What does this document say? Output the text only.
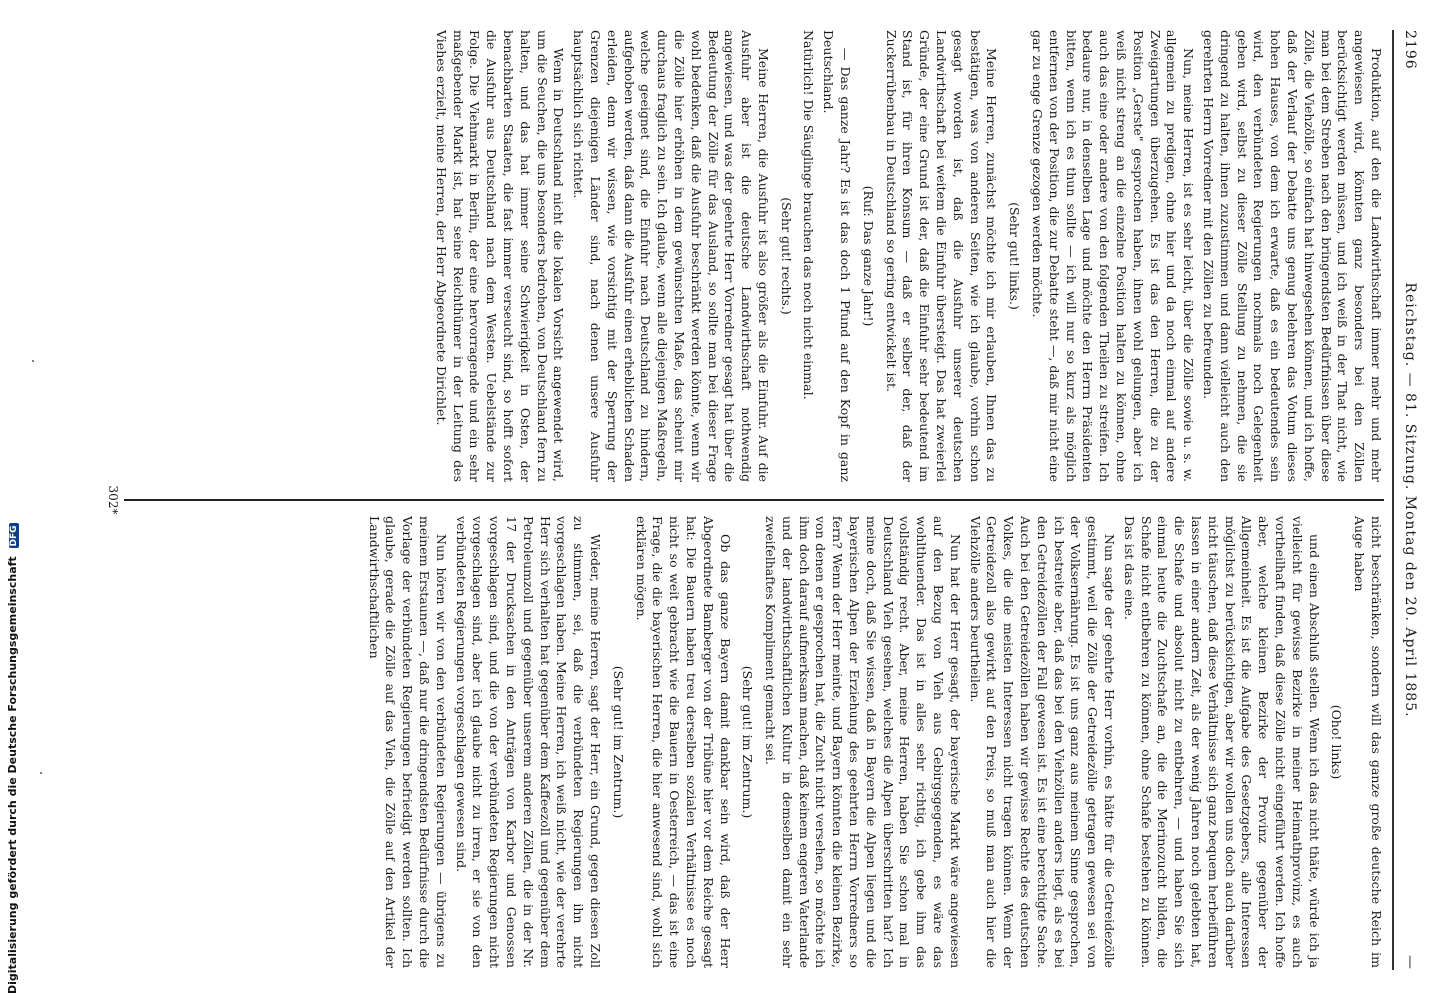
2196
Reichstag. — 81. Sitzung. Montag den 20. April 1885.
—

Produktion, auf den die Landwirthschaft immer mehr und mehr angewiesen wird, könnten ganz besonders bei den Zöllen berücksichtigt werden müssen, und ich weiß in der That nicht, wie man bei dem Streben nach den bringendsten Bedürfnissen über diese Zölle, die Viehzölle, so einfach hat hinwegsehen können, und ich hoffe, daß der Verlauf der Debatte uns genug belehren das Votum dieses hohen Hauses, von dem ich erwarte, daß es ein bedeutendes sein wird, den verbündeten Regierungen nochmals noch Gelegenheit geben wird, selbst zu dieser Zölle Stellung zu nehmen, die sie dringend zu halten, ihnen zuzustimmen und dann vielleicht auch den gerehrten Herrn Vorredner mit den Zöllen zu befreunden.

Nun, meine Herren, ist es sehr leicht, über die Zölle sowie u. s. w. allgemein zu predigen, ohne hier und da noch einmal auf andere Zweigartungen überzugehen. Es ist das den Herren, die zu der Position „Gerste" gesprochen haben, ihnen wohl gelungen, aber ich weiß nicht streng an die einzelne Position halten zu können, ohne auch das eine oder andere von den folgenden Theilen zu streifen. Ich bedaure nur, in denselben Lage und möchte den Herrn Präsidenten bitten, wenn ich es thun sollte — ich will nur so kurz als möglich entfernen von der Position, die zur Debatte steht —, daß mir nicht eine gar zu enge Grenze gezogen werden möchte.

(Sehr gut! links.)

Meine Herren, zunächst möchte ich mir erlauben, Ihnen das zu bestätigen, was von anderen Seiten, wie ich glaube, vorhin schon gesagt worden ist, daß die Ausfuhr unserer deutschen Landwirthschaft bei weitem die Einfuhr übersteigt. Das hat zweierlei Gründe, der eine Grund ist der, daß die Einfuhr sehr bedeutend im Stand ist, für ihren Konsum — daß er selber der, daß der Zuckerrübenbau in Deutschland so gering entwickelt ist.

(Ruf: Das ganze Jahr!)

— Das ganze Jahr? Es ist das doch 1 Pfund auf den Kopf in ganz Deutschland.

Natürlich! Die Säuglinge brauchen das noch nicht einmal.

(Sehr gut! rechts.)

Meine Herren, die Ausfuhr ist also größer als die Einfuhr. Auf die Ausfuhr aber ist die deutsche Landwirthschaft nothwendig angewiesen, und was der geehrte Herr Vorredner gesagt hat über die Bedeutung der Zölle für das Ausland, so sollte man bei dieser Frage wohl bedenken, daß die Ausfuhr beschränkt werden könnte, wenn wir die Zölle hier erhöhen in dem gewünschten Maße, das scheint mir durchaus fraglich zu sein. Ich glaube, wenn alle diejenigen Maßregeln, welche geeignet sind, die Einfuhr nach Deutschland zu hindern, aufgehoben werden, daß dann die Ausfuhr einen erheblichen Schaden erleiden, denn wir wissen, wie vorsichtig mit der Sperrung der Grenzen diejenigen Länder sind, nach denen unsere Ausfuhr hauptsächlich sich richtet.

Wenn in Deutschland nicht die lokalen Vorsicht angewendet wird, um die Seuchen, die uns besonders bedrohen, von Deutschland fern zu halten, und das hat immer seine Schwierigkeit in Osten, der benachbarten Staaten, die fast immer verseucht sind, so hofft sofort die Ausfuhr aus Deutschland nach dem Westen. Uebelstände zur Folge. Die Viehmarkt in Berlin, der eine hervorragende und ein sehr maßgebender Markt ist, hat seine Reichthümer in der Leitung des Viehes erzielt, meine Herren, der Herr Abgeordnete Dirichlet.

nicht beschränken, sondern will das ganze große deutsche Reich im Auge haben

(Oho! links)

und einen Abschluß stellen. Wenn ich das nicht thäte, würde ich ja vielleicht für gewisse Bezirke in meiner Heimathprovinz, es auch vortheilhaft finden, daß diese Zölle nicht eingeführt werden. Ich hoffe aber, welche kleinen Bezirke der Provinz gegenüber der Allgemeinheit. Es ist die Aufgabe des Gesetzgebers, alle Interessen möglichst zu berücksichtigen, aber wir wollen uns doch auch darüber nicht täuschen, daß diese Verhältnisse sich ganz bequem herbeiführen lassen in einer andern Zeit, als der wenig Jahren noch gelebten hat, die Schafe und absolut nicht zu entbehren, — und haben Sie sich einmal heute die Zuchtschafe an, die die Merinozucht bilden, die Schafe nicht entbehren zu können, ohne Schafe bestehen zu können. Das ist das eine.

Nun sagte der geehrte Herr vorhin, es hätte für die Getreidezölle gestimmt, weil die Zölle der Getreidezölle getragen gewesen sei von der Volksernährung. Es ist uns ganz aus meinem Sinne gesprochen, ich bestreite aber, daß das bei den Viehzöllen anders liegt, als es bei den Getreidezöllen der Fall gewesen ist. Es ist eine berechtigte Sache. Auch bei den Getreidezöllen haben wir gewisse Rechte des deutschen Volkes, die die meisten Interessen nicht tragen können. Wenn der Getreidezoll also gewirkt auf den Preis, so muß man auch hier die Viehzölle anders beurtheilen.

Nun hat der Herr gesagt, der bayerische Markt wäre angewiesen auf den Bezug von Vieh aus Gebirgsgegenden, es wäre das wohlthuender. Das ist in alles sehr richtig, ich gebe ihm das vollständig recht. Aber, meine Herren, haben Sie schon mal in Deutschland Vieh gesehen, welches die Alpen überschritten hat? Ich meine doch, daß Sie wissen, daß in Bayern die Alpen liegen und die bayerischen Alpen der Erziehung des geehrten Herrn Vorredners so fern? Wenn der Herr meinte, und Bayern könnten die kleinen Bezirke, von denen er gesprochen hat, die Zucht nicht versehen, so möchte ich ihm doch darauf aufmerksam machen, daß keinem engeren Vaterlande und der landwirthschaftlichen Kultur in demselben damit ein sehr zweifelhaftes Kompliment gemacht sei.

(Sehr gut! im Zentrum.)

Ob das ganze Bayern damit dankbar sein wird, daß der Herr Abgeordnete Bamberger von der Tribüne hier vor dem Reiche gesagt hat: Die Bauern haben treu derselben sozialen Verhältnisse es noch nicht so weit gebracht wie die Bauern in Oesterreich, — das ist eine Frage, die die bayerischen Herren, die hier anwesend sind, wohl sich erklären mögen.

(Sehr gut! im Zentrum.)

Wieder, meine Herren, sagt der Herr, ein Grund, gegen diesen Zoll zu stimmen, sei, daß die verbündeten Regierungen ihn nicht vorgeschlagen haben. Meine Herren, ich weiß nicht, wie der verehrte Herr sich verhalten hat gegenüber dem Kaffeezoll und gegenüber dem Petroleumzoll und gegenüber unserem anderen Zöllen, die in der Nr. 17 der Drucksachen in den Anträgen von Karbor und Genossen vorgeschlagen sind, und die von der verbündeten Regierungen nicht vorgeschlagen sind, aber ich glaube nicht zu irren, er sie von den verbündeten Regierungen vorgeschlagen gewesen sind.

Nun hören wir von den verbündeten Regierungen — übrigens zu meinem Erstaunen —, daß nur die dringendsten Bedürfnisse durch die Vorlage der verbündeten Regierungen befriedigt werden sollten. Ich glaube, gerade die Zölle auf das Vieh, die Zölle auf den Artikel der Landwirthschaftlichen

302*
Digitalisierung gefördert durch die Deutsche Forschungsgemeinschaft DFG
